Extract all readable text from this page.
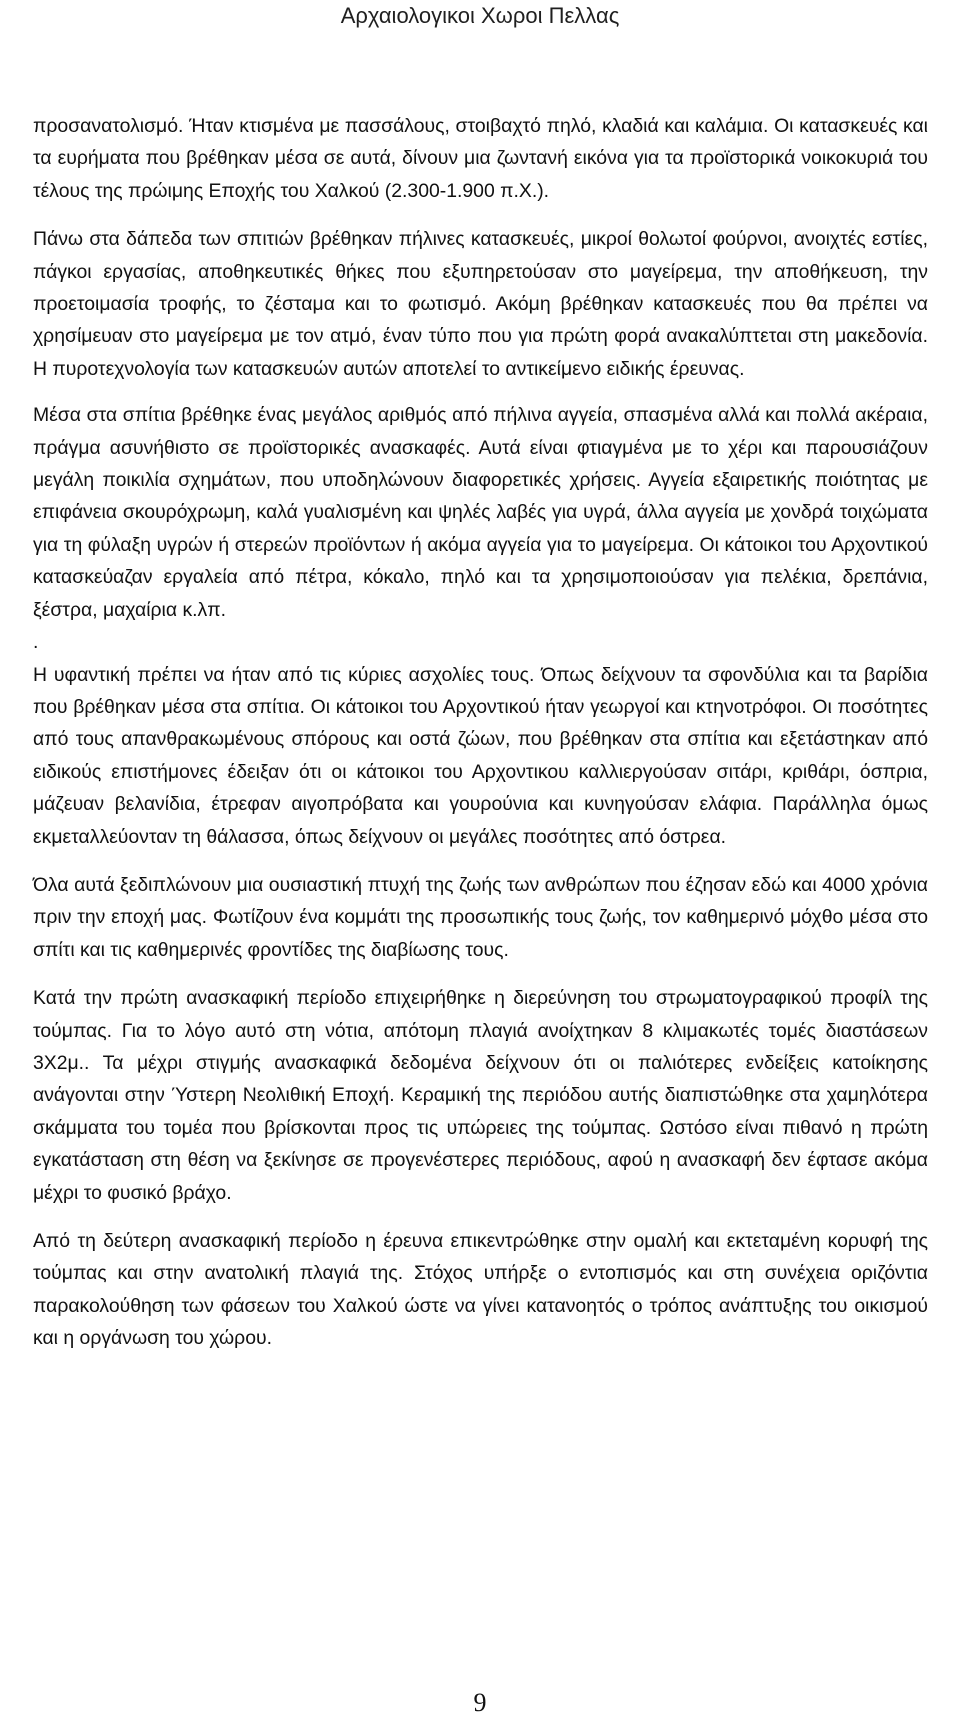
Αρχαιολογικοι Χωροι Πελλας

προσανατολισμό. Ήταν κτισμένα με πασσάλους, στοιβαχτό πηλό, κλαδιά και καλάμια. Οι κατασκευές και τα ευρήματα που βρέθηκαν μέσα σε αυτά, δίνουν μια ζωντανή εικόνα για τα προϊστορικά νοικοκυριά του τέλους της πρώιμης Εποχής του Χαλκού (2.300-1.900 π.Χ.).

Πάνω στα δάπεδα των σπιτιών βρέθηκαν πήλινες κατασκευές, μικροί θολωτοί φούρνοι, ανοιχτές εστίες, πάγκοι εργασίας, αποθηκευτικές θήκες που εξυπηρετούσαν στο μαγείρεμα, την αποθήκευση, την προετοιμασία τροφής, το ζέσταμα και το φωτισμό. Ακόμη βρέθηκαν κατασκευές που θα πρέπει να χρησίμευαν στο μαγείρεμα με τον ατμό, έναν τύπο που για πρώτη φορά ανακαλύπτεται στη μακεδονία. Η πυροτεχνολογία των κατασκευών αυτών αποτελεί το αντικείμενο ειδικής έρευνας.

Μέσα στα σπίτια βρέθηκε ένας μεγάλος αριθμός από πήλινα αγγεία, σπασμένα αλλά και πολλά ακέραια, πράγμα ασυνήθιστο σε προϊστορικές ανασκαφές. Αυτά είναι φτιαγμένα με το χέρι και παρουσιάζουν μεγάλη ποικιλία σχημάτων, που υποδηλώνουν διαφορετικές χρήσεις. Αγγεία εξαιρετικής ποιότητας με επιφάνεια σκουρόχρωμη, καλά γυαλισμένη και ψηλές λαβές για υγρά, άλλα αγγεία με χονδρά τοιχώματα για τη φύλαξη υγρών ή στερεών προϊόντων ή ακόμα αγγεία για το μαγείρεμα. Οι κάτοικοι του Αρχοντικού κατασκεύαζαν εργαλεία από πέτρα, κόκαλο, πηλό και τα χρησιμοποιούσαν για πελέκια, δρεπάνια, ξέστρα, μαχαίρια κ.λπ.

.

Η υφαντική πρέπει να ήταν από τις κύριες ασχολίες τους. Όπως δείχνουν τα σφονδύλια και τα βαρίδια που βρέθηκαν μέσα στα σπίτια. Οι κάτοικοι του Αρχοντικού ήταν γεωργοί και κτηνοτρόφοι. Οι ποσότητες από τους απανθρακωμένους σπόρους και οστά ζώων, που βρέθηκαν στα σπίτια και εξετάστηκαν από ειδικούς επιστήμονες έδειξαν ότι οι κάτοικοι του Αρχοντικου καλλιεργούσαν σιτάρι, κριθάρι, όσπρια, μάζευαν βελανίδια, έτρεφαν αιγοπρόβατα και γουρούνια και κυνηγούσαν ελάφια. Παράλληλα όμως εκμεταλλεύονταν τη θάλασσα, όπως δείχνουν οι μεγάλες ποσότητες από όστρεα.

Όλα αυτά ξεδιπλώνουν μια ουσιαστική πτυχή της ζωής των ανθρώπων που έζησαν εδώ και 4000 χρόνια πριν την εποχή μας. Φωτίζουν ένα κομμάτι της προσωπικής τους ζωής, τον καθημερινό μόχθο μέσα στο σπίτι και τις καθημερινές φροντίδες της διαβίωσης τους.

Κατά την πρώτη ανασκαφική περίοδο επιχειρήθηκε η διερεύνηση του στρωματογραφικού προφίλ της τούμπας. Για το λόγο αυτό στη νότια, απότομη πλαγιά ανοίχτηκαν 8 κλιμακωτές τομές διαστάσεων 3Χ2μ.. Τα μέχρι στιγμής ανασκαφικά δεδομένα δείχνουν ότι οι παλιότερες ενδείξεις κατοίκησης ανάγονται στην Ύστερη Νεολιθική Εποχή. Κεραμική της περιόδου αυτής διαπιστώθηκε στα χαμηλότερα σκάμματα του τομέα που βρίσκονται προς τις υπώρειες της τούμπας. Ωστόσο είναι πιθανό η πρώτη εγκατάσταση στη θέση να ξεκίνησε σε προγενέστερες περιόδους, αφού η ανασκαφή δεν έφτασε ακόμα μέχρι το φυσικό βράχο.

Από τη δεύτερη ανασκαφική περίοδο η έρευνα επικεντρώθηκε στην ομαλή και εκτεταμένη κορυφή της τούμπας και στην ανατολική πλαγιά της. Στόχος υπήρξε ο εντοπισμός και στη συνέχεια οριζόντια παρακολούθηση των φάσεων του Χαλκού ώστε να γίνει κατανοητός ο τρόπος ανάπτυξης του οικισμού και η οργάνωση του χώρου.

9
